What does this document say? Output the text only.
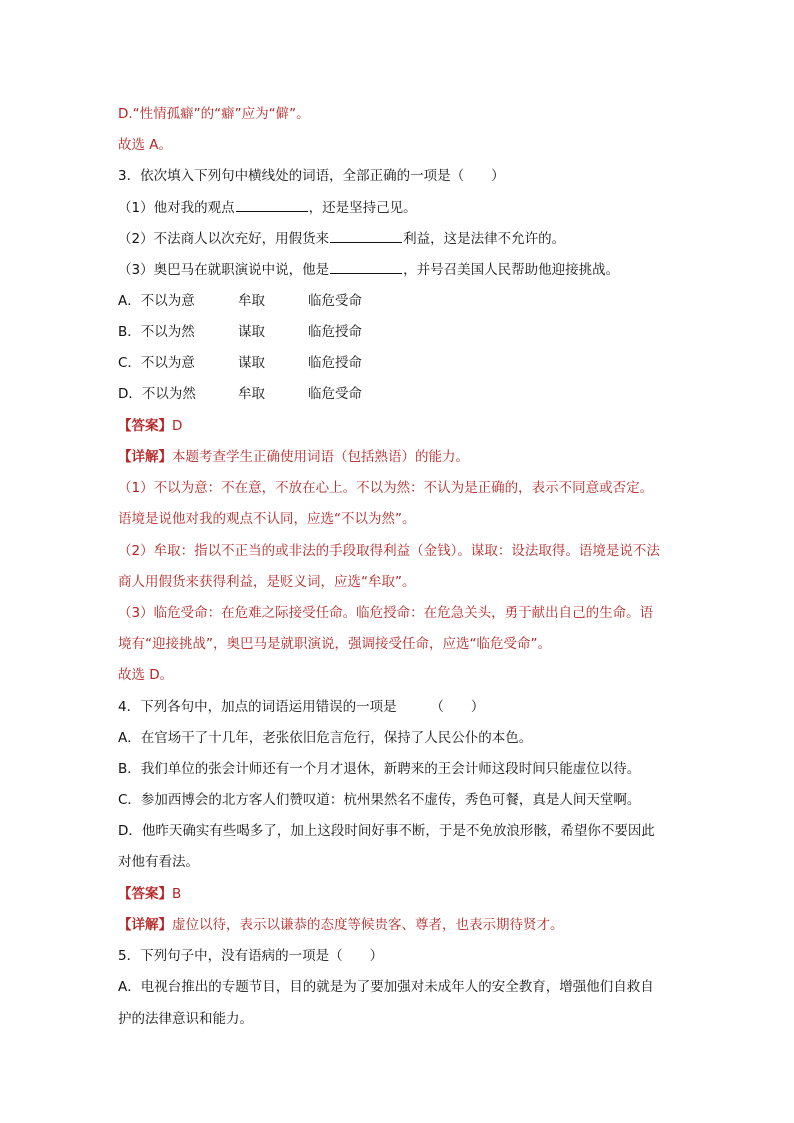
D.“性情孤癖”的“癖”应为“僻”。
故选 A。
3．依次填入下列句中横线处的词语，全部正确的一项是（　　）
（1）他对我的观点	，还是坚持己见。
（2）不法商人以次充好，用假货来	利益，这是法律不允许的。
（3）奥巴马在就职演说中说，他是	，并号召美国人民帮助他迎接挑战。
A．不以为意	牟取	临危受命
B．不以为然	谋取	临危授命
C．不以为意	谋取	临危授命
D．不以为然	牟取	临危受命
【答案】D
【详解】本题考查学生正确使用词语（包括熟语）的能力。
（1）不以为意：不在意，不放在心上。不以为然：不认为是正确的，表示不同意或否定。
语境是说他对我的观点不认同，应选“不以为然”。
（2）牟取：指以不正当的或非法的手段取得利益（金钱）。谋取：设法取得。语境是说不法
商人用假货来获得利益，是贬义词，应选“牟取”。
（3）临危受命：在危难之际接受任命。临危授命：在危急关头，勇于献出自己的生命。语
境有“迎接挑战”，奥巴马是就职演说，强调接受任命，应选“临危受命”。
故选 D。
4．下列各句中，加点的词语运用错误的一项是　　　（　　）
A．在官场干了十几年，老张依旧危言危行，保持了人民公仆的本色。
B．我们单位的张会计师还有一个月才退休，新聘来的王会计师这段时间只能虚位以待。
C．参加西博会的北方客人们赞叹道：杭州果然名不虚传，秀色可餐，真是人间天堂啊。
D．他昨天确实有些喝多了，加上这段时间好事不断，于是不免放浪形骸，希望你不要因此
对他有看法。
【答案】B
【详解】虚位以待，表示以谦恭的态度等候贵客、尊者，也表示期待贤才。
5．下列句子中，没有语病的一项是（　　）
A．电视台推出的专题节目，目的就是为了要加强对未成年人的安全教育，增强他们自救自
护的法律意识和能力。
